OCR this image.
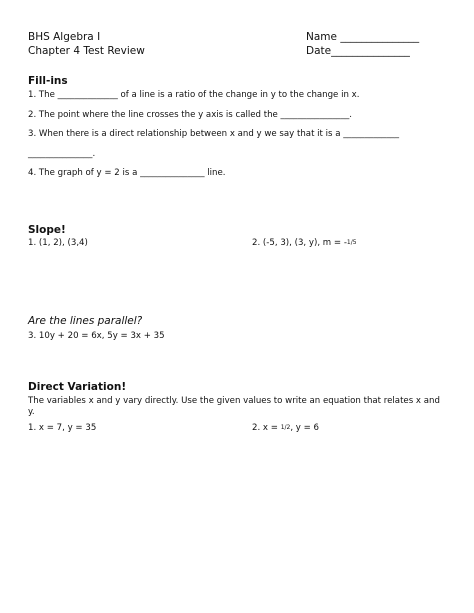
BHS Algebra I
Chapter 4 Test Review
Name _______________
Date_______________
Fill-ins
1. The ______________ of a line is a ratio of the change in y to the change in x.
2. The point where the line crosses the y axis is called the ________________.
3. When there is a direct relationship between x and y we say that it is a _____________
_______________.
4. The graph of y = 2 is a _______________ line.
Slope!
1. (1, 2), (3,4)	2. (-5, 3), (3, y), m = -1/5
Are the lines parallel?
3. 10y + 20 = 6x, 5y = 3x + 35
Direct Variation!
The variables x and y vary directly. Use the given values to write an equation that relates x and y.
1. x = 7, y = 35	2. x = 1/2, y = 6
